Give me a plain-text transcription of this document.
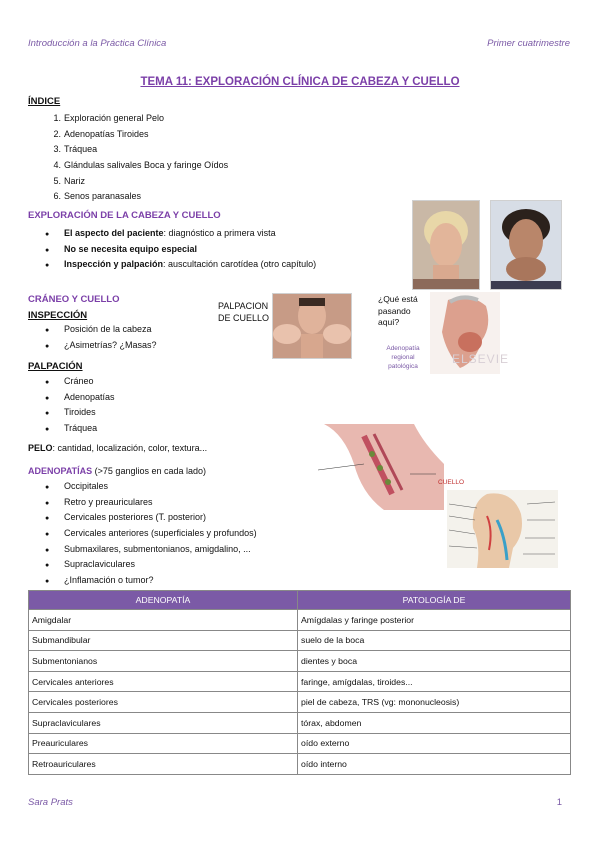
Introducción a la Práctica Clínica	Primer cuatrimestre
TEMA 11: EXPLORACIÓN CLÍNICA DE CABEZA Y CUELLO
ÍNDICE
1. Exploración general Pelo
2. Adenopatías Tiroides
3. Tráquea
4. Glándulas salivales Boca y faringe Oídos
5. Nariz
6. Senos paranasales
EXPLORACIÓN DE LA CABEZA Y CUELLO
●
El aspecto del paciente: diagnóstico a primera vista
●
No se necesita equipo especial
●
Inspección y palpación: auscultación carotídea (otro capítulo)
CRÁNEO Y CUELLO
INSPECCIÓN
●
Posición de la cabeza
●
¿Asimetrías? ¿Masas?
PALPACIÓN
●
Cráneo
●
Adenopatías
●
Tiroides
●
Tráquea
PELO: cantidad, localización, color, textura...
PALPACION DE CUELLO
¿Qué está pasando aquí?
Adenopatía regional patológica
ELSEVIE
ADENOPATÍAS (>75 ganglios en cada lado)
●
Occipitales
●
Retro y preauriculares
●
Cervicales posteriores (T. posterior)
●
Cervicales anteriores (superficiales y profundos)
●
Submaxilares, submentonianos, amigdalino, ...
●
Supraclaviculares
●
¿Inflamación o tumor?
CUELLO
ADENOPATÍA	PATOLOGÍA DE
Amigdalar	Amígdalas y faringe posterior
Submandibular	suelo de la boca
Submentonianos	dientes y boca
Cervicales anteriores	faringe, amígdalas, tiroides...
Cervicales posteriores	piel de cabeza, TRS (vg: mononucleosis)
Supraclaviculares	tórax, abdomen
Preauriculares	oído externo
Retroauriculares	oído interno
Sara Prats	1
